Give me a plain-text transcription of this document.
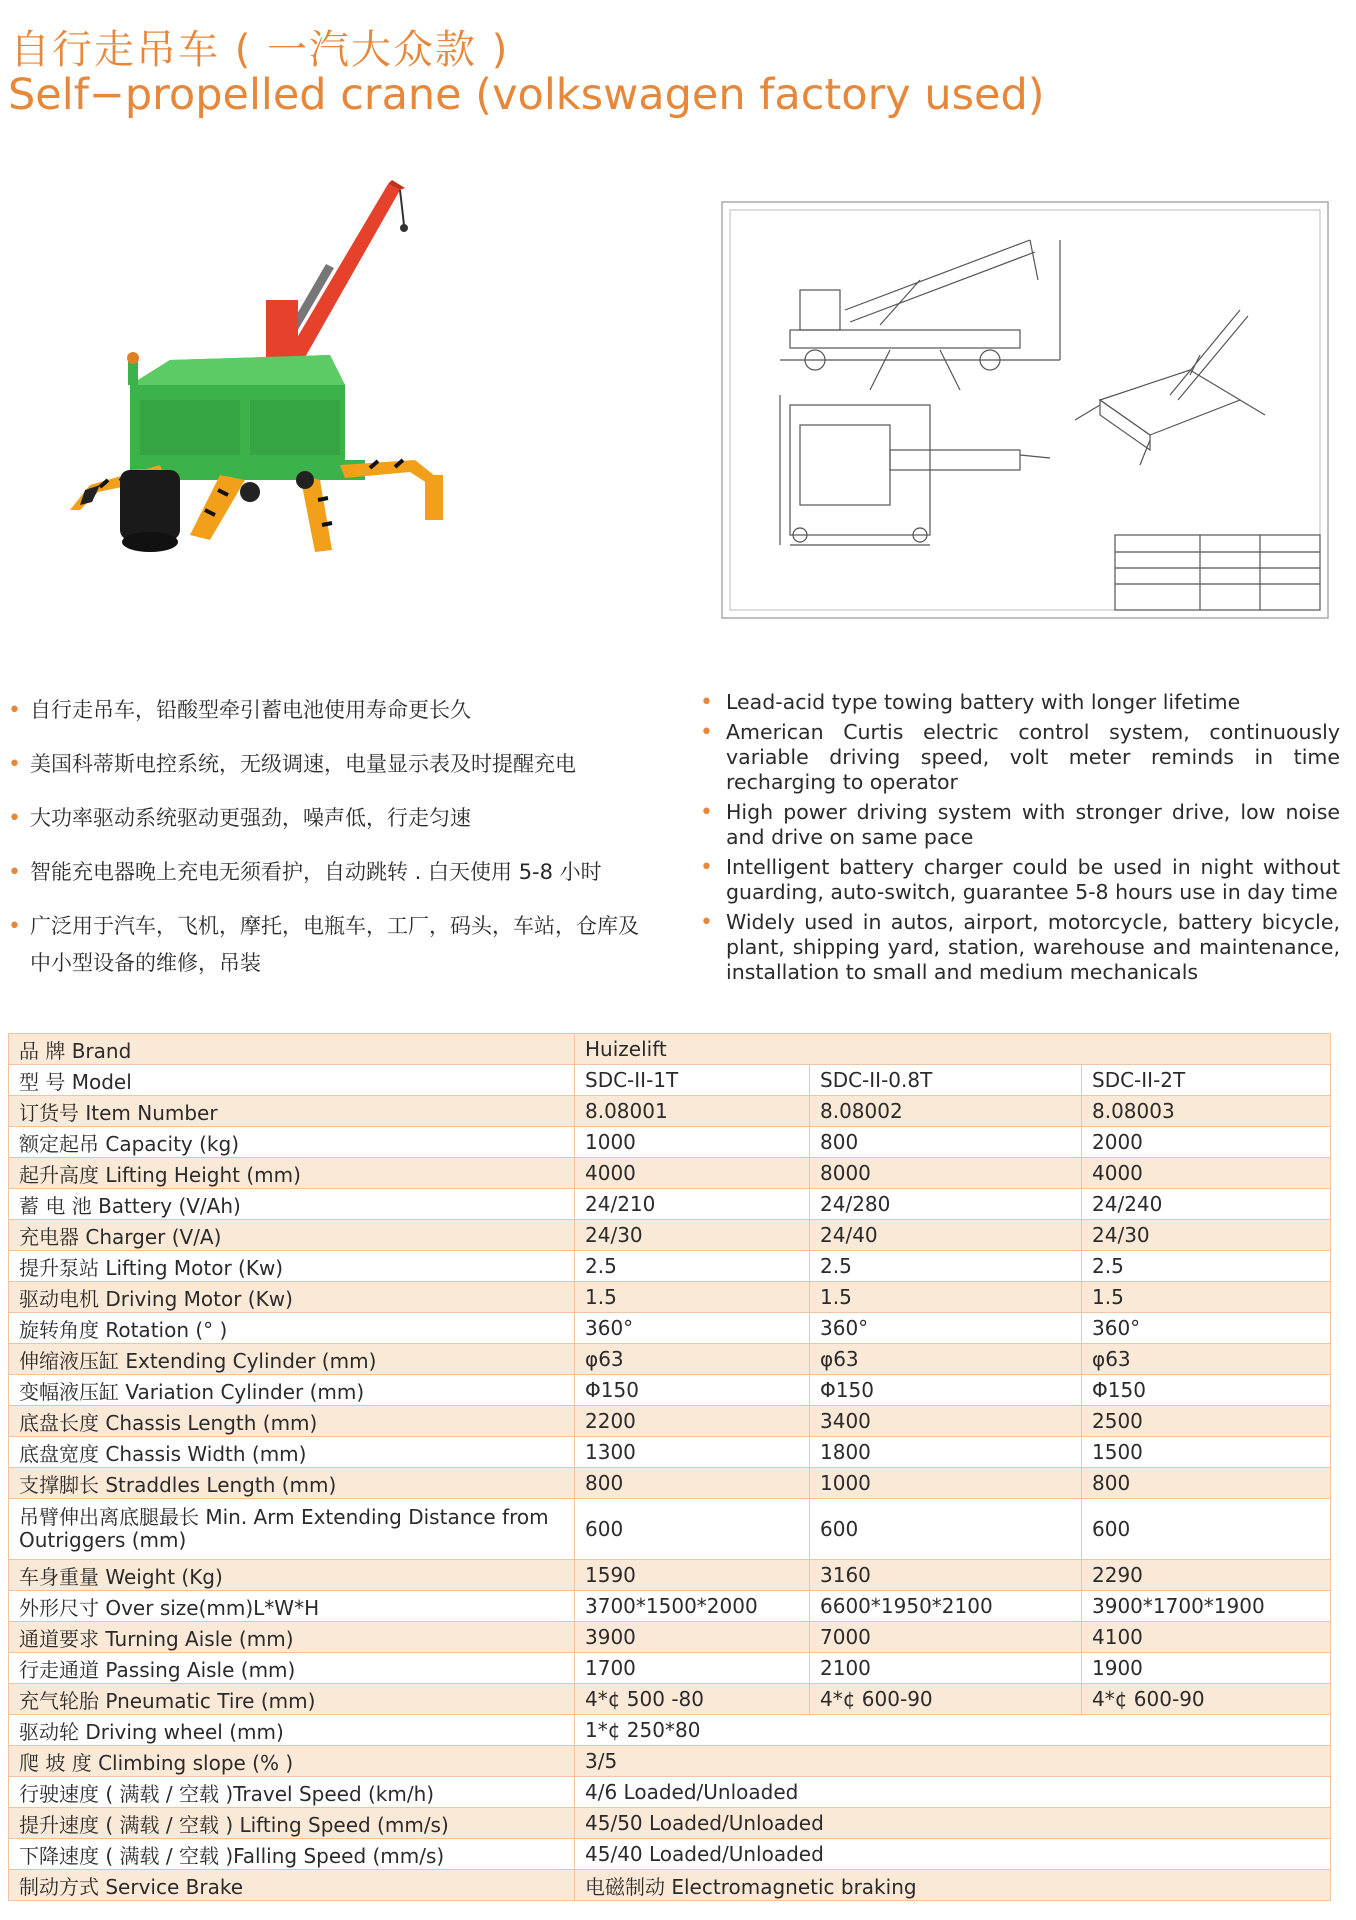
自行走吊车 ( 一汽大众款 )
Self−propelled crane (volkswagen factory used)
• 自行走吊车，铅酸型牵引蓄电池使用寿命更长久
• 美国科蒂斯电控系统，无级调速，电量显示表及时提醒充电
• 大功率驱动系统驱动更强劲，噪声低，行走匀速
• 智能充电器晚上充电无须看护，自动跳转 . 白天使用 5-8 小时
• 广泛用于汽车，飞机，摩托，电瓶车，工厂，码头，车站，仓库及中小型设备的维修，吊装
• Lead-acid type towing battery with longer lifetime
• American Curtis electric control system, continuously variable driving speed, volt meter reminds in time recharging to operator
• High power driving system with stronger drive, low noise and drive on same pace
• Intelligent battery charger could be used in night without guarding, auto-switch, guarantee 5-8 hours use in day time
• Widely used in autos, airport, motorcycle, battery bicycle, plant, shipping yard, station, warehouse and maintenance, installation to small and medium mechanicals
品 牌 Brand	Huizelift		
型 号 Model	SDC-II-1T	SDC-II-0.8T	SDC-II-2T
订货号 Item Number	8.08001	8.08002	8.08003
额定起吊 Capacity (kg)	1000	800	2000
起升高度 Lifting Height (mm)	4000	8000	4000
蓄 电 池 Battery (V/Ah)	24/210	24/280	24/240
充电器 Charger (V/A)	24/30	24/40	24/30
提升泵站 Lifting Motor (Kw)	2.5	2.5	2.5
驱动电机 Driving Motor (Kw)	1.5	1.5	1.5
旋转角度 Rotation (° )	360°	360°	360°
伸缩液压缸 Extending Cylinder (mm)	φ63	φ63	φ63
变幅液压缸 Variation Cylinder (mm)	Φ150	Φ150	Φ150
底盘长度 Chassis Length (mm)	2200	3400	2500
底盘宽度 Chassis Width (mm)	1300	1800	1500
支撑脚长 Straddles Length (mm)	800	1000	800
吊臂伸出离底腿最长 Min. Arm Extending Distance from Outriggers (mm)	600	600	600
车身重量 Weight (Kg)	1590	3160	2290
外形尺寸 Over size(mm)L*W*H	3700*1500*2000	6600*1950*2100	3900*1700*1900
通道要求 Turning Aisle (mm)	3900	7000	4100
行走通道 Passing Aisle (mm)	1700	2100	1900
充气轮胎 Pneumatic Tire (mm)	4*¢ 500 -80	4*¢ 600-90	4*¢ 600-90
驱动轮 Driving wheel (mm)	1*¢ 250*80		
爬 坡 度 Climbing slope (% )	3/5		
行驶速度 ( 满载 / 空载 )Travel Speed (km/h)	4/6 Loaded/Unloaded		
提升速度 ( 满载 / 空载 ) Lifting Speed (mm/s)	45/50 Loaded/Unloaded		
下降速度 ( 满载 / 空载 )Falling Speed (mm/s)	45/40 Loaded/Unloaded		
制动方式 Service Brake	电磁制动 Electromagnetic braking		
